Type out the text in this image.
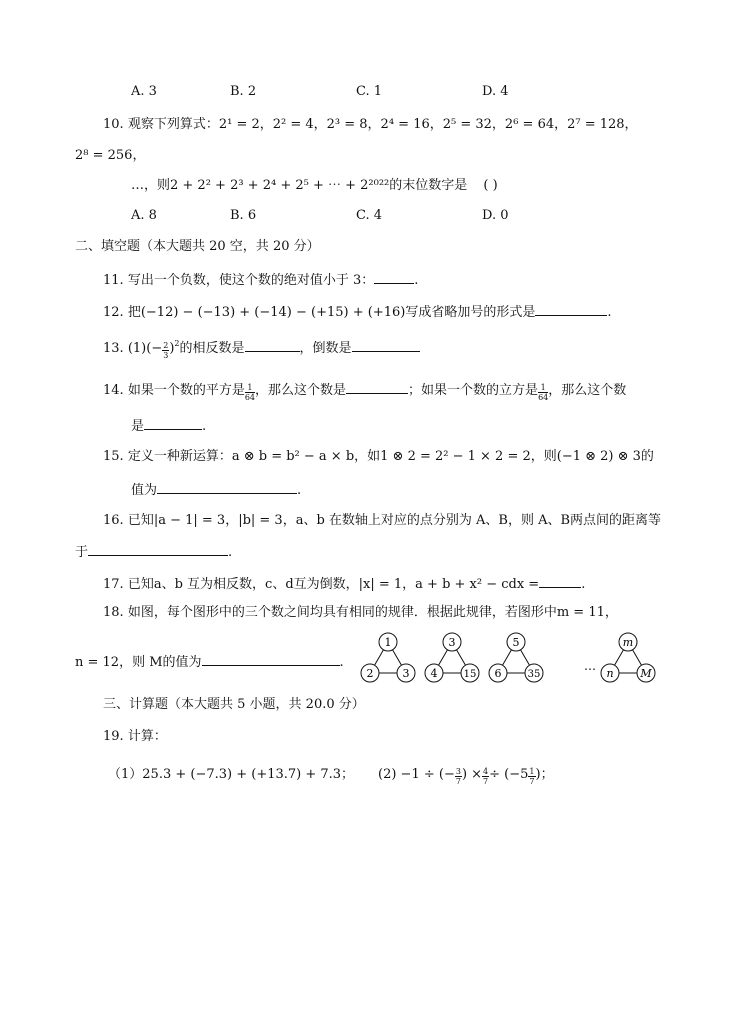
A. 3	B. 2	C. 1	D. 4
10. 观察下列算式：2¹ = 2，2² = 4，2³ = 8，2⁴ = 16，2⁵ = 32，2⁶ = 64，2⁷ = 128，
2⁸ = 256，
…，则2 + 2² + 2³ + 2⁴ + 2⁵ + ⋯ + 2²⁰²²的末位数字是 ( )
A. 8	B. 6	C. 4	D. 0
二、填空题（本大题共 20 空，共 20 分）
11. 写出一个负数，使这个数的绝对值小于 3：	.
12. 把(−12) − (−13) + (−14) − (+15) + (+16)写成省略加号的形式是	.
13. $(1)(- \frac{2}{3} )^2$的相反数是	，倒数是
14. 如果一个数的平方是 $\frac{1}{64}$ ，那么这个数是	；如果一个数的立方是 $\frac{1}{64}$ ，那么这个数
是	.
15. 定义一种新运算：a ⊗ b = b² − a × b，如1 ⊗ 2 = 2² − 1 × 2 = 2，则(−1 ⊗ 2) ⊗ 3的
值为	.
16. 已知|a − 1| = 3，|b| = 3，a、b 在数轴上对应的点分别为 A、B，则 A、B两点间的距离等
于	.
17. 已知a、b 互为相反数，c、d互为倒数，|x| = 1，a + b + x² − cdx =	.
18. 如图，每个图形中的三个数之间均具有相同的规律．根据此规律，若图形中m = 11，
n = 12，则 M的值为	.
1
2	3
3
4	15
5
6	35
m
n M
…
三、计算题（本大题共 5 小题，共 20.0 分）
19. 计算：
（1）25.3 + (−7.3) + (+13.7) + 7.3； (2) −1 ÷ (− $\frac{3}{7}$ ) × $\frac{4}{7} \div (-5 \frac{1}{7}$ )；
